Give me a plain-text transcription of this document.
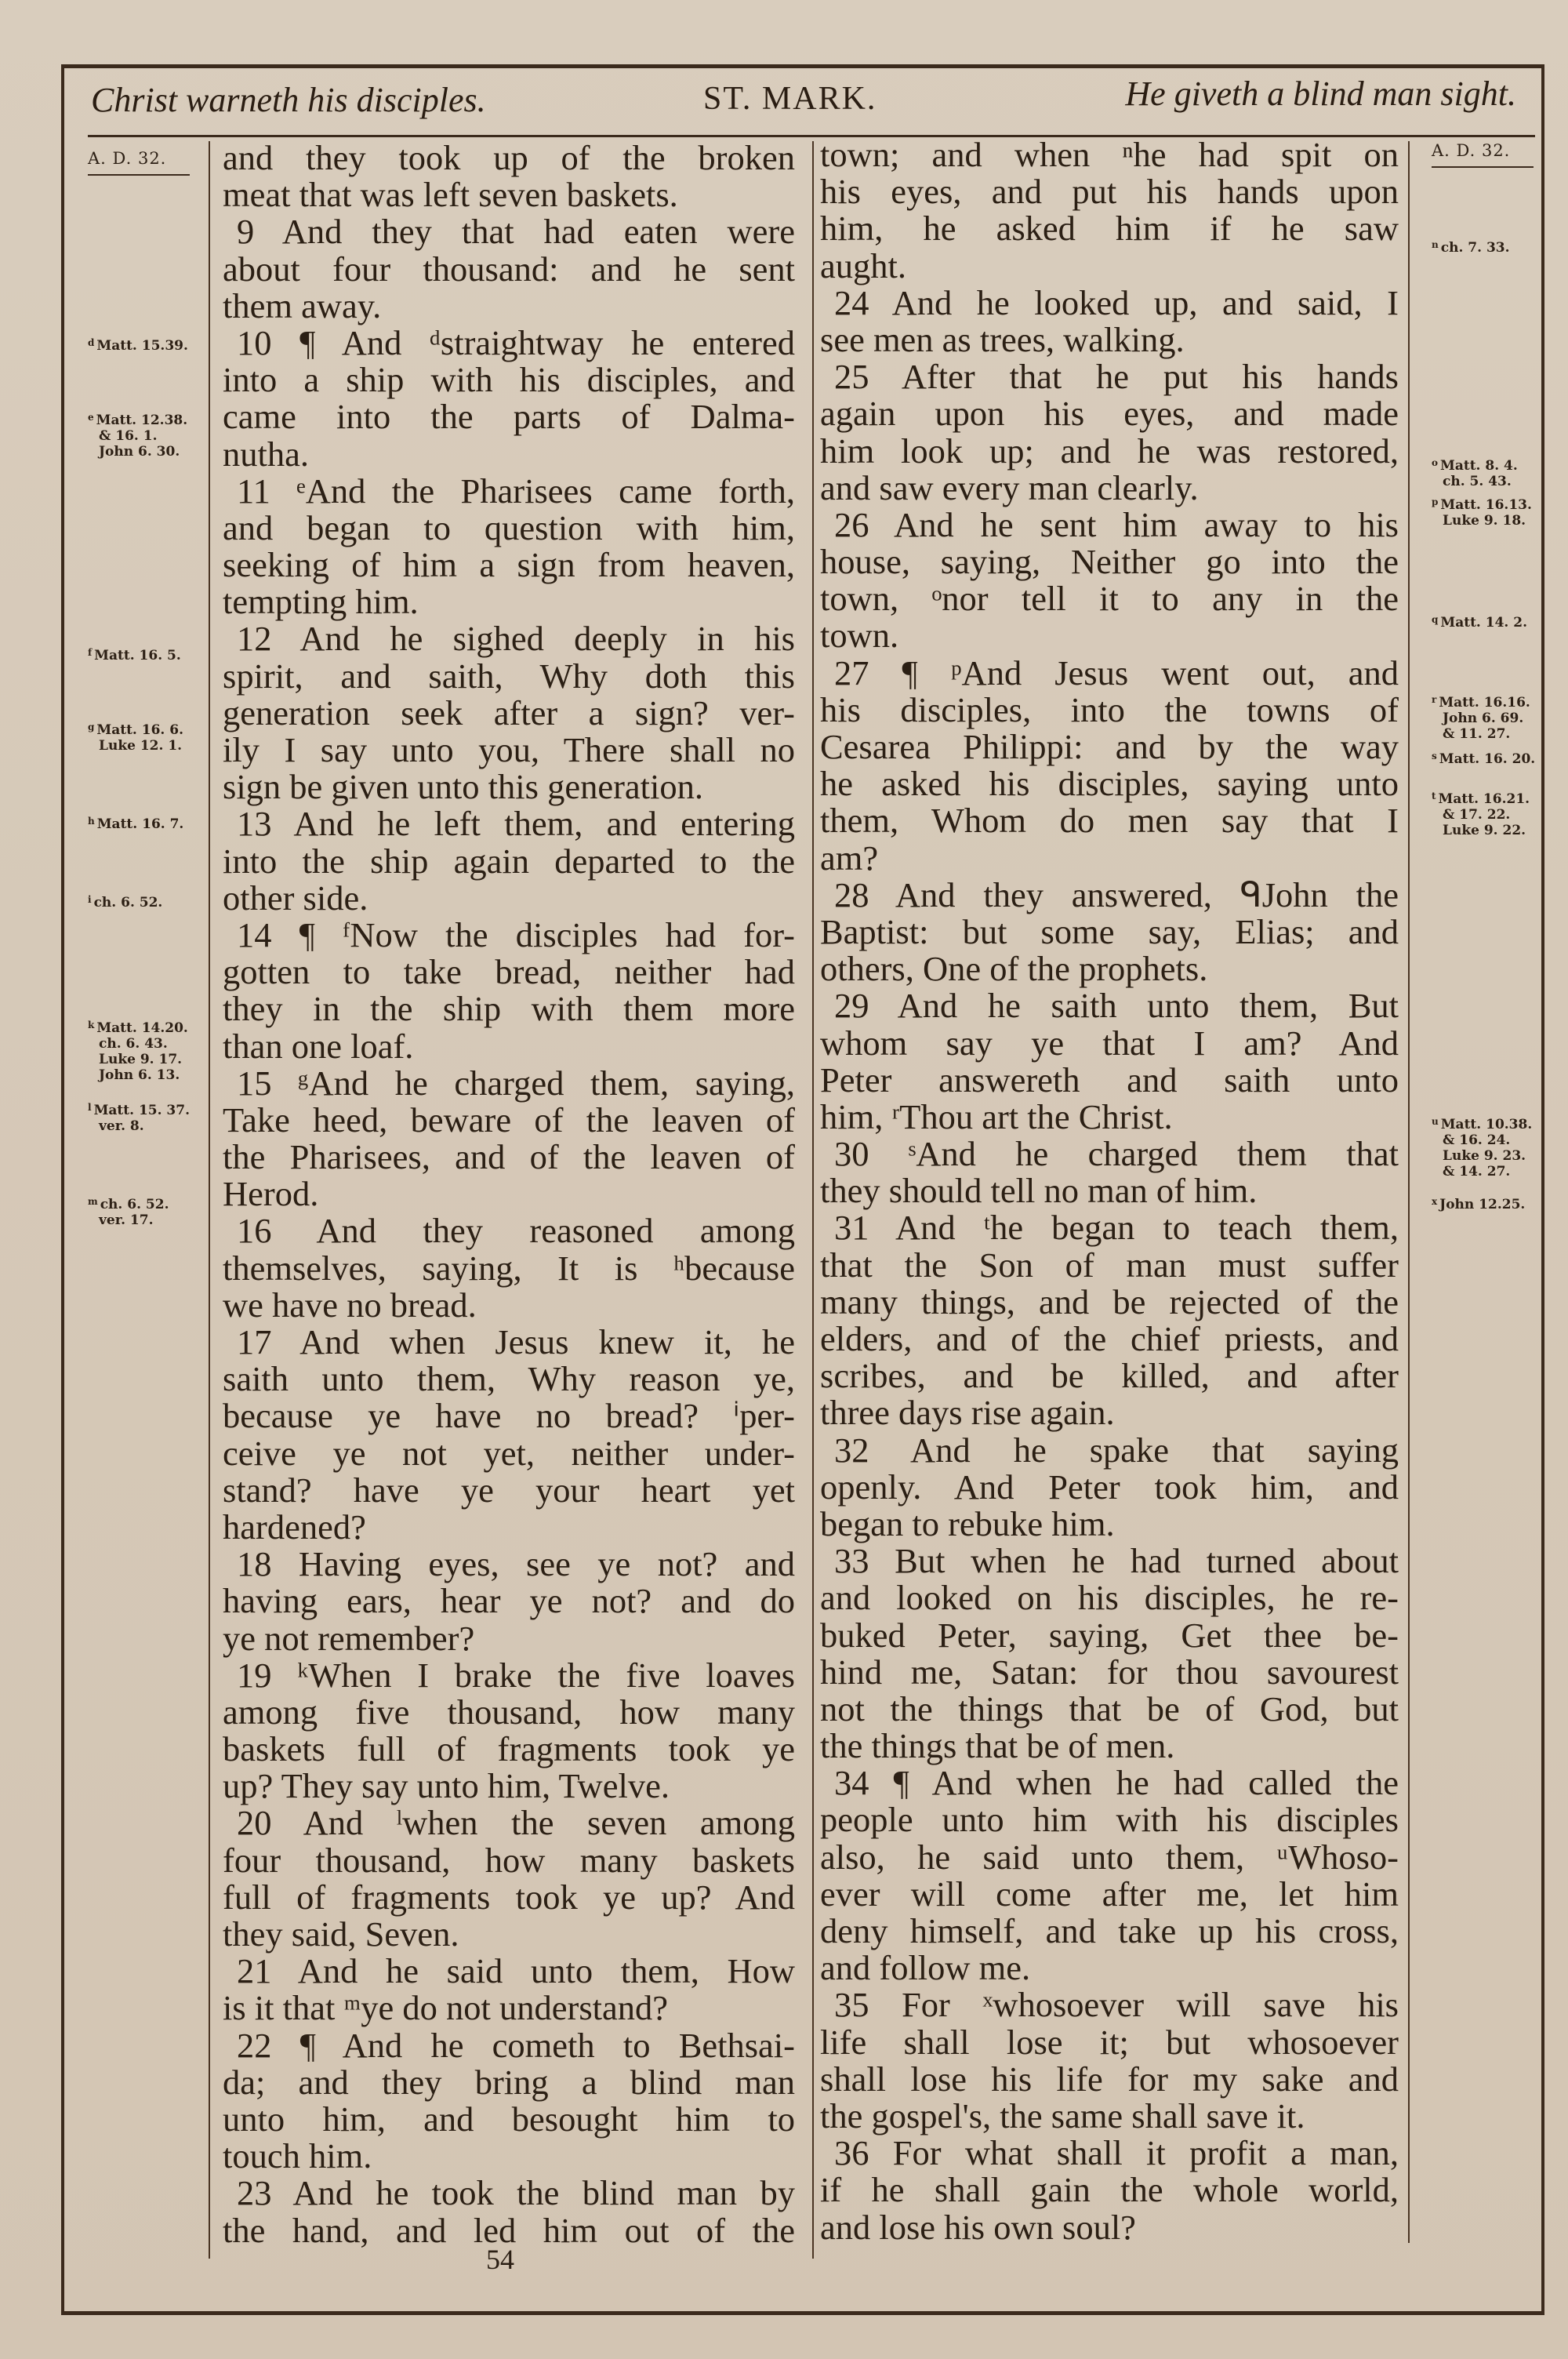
Christ warneth his disciples.	ST. MARK.	He giveth a blind man sight.
A. D. 32.
$^d$ Matt. 15.39.
$^e$ Matt. 12.38.
& 16. 1.
John 6. 30.
$^f$ Matt. 16. 5.
$^g$ Matt. 16. 6.
Luke 12. 1.
$^h$ Matt. 16. 7.
$^i$ ch. 6. 52.
$^k$ Matt. 14.20.
ch. 6. 43.
Luke 9. 17.
John 6. 13.
$^l$ Matt. 15. 37.
ver. 8.
$^m$ ch. 6. 52.
ver. 17.
A. D. 32.
$^n$ ch. 7. 33.
$^o$ Matt. 8. 4.
ch. 5. 43.
$^p$ Matt. 16.13.
Luke 9. 18.
$^q$ Matt. 14. 2.
$^r$ Matt. 16.16.
John 6. 69.
& 11. 27.
$^s$ Matt. 16. 20.
$^t$ Matt. 16.21.
& 17. 22.
Luke 9. 22.
$^u$ Matt. 10.38.
& 16. 24.
Luke 9. 23.
& 14. 27.
$^x$ John 12.25.
and they took up of the broken
meat that was left seven baskets.
9 And they that had eaten were
about four thousand: and he sent
them away.
10 ¶ And ᵈstraightway he entered
into a ship with his disciples, and
came into the parts of Dalma-
nutha.
11 ᵉAnd the Pharisees came forth,
and began to question with him,
seeking of him a sign from heaven,
tempting him.
12 And he sighed deeply in his
spirit, and saith, Why doth this
generation seek after a sign? ver-
ily I say unto you, There shall no
sign be given unto this generation.
13 And he left them, and entering
into the ship again departed to the
other side.
14 ¶ ᶠNow the disciples had for-
gotten to take bread, neither had
they in the ship with them more
than one loaf.
15 ᵍAnd he charged them, saying,
Take heed, beware of the leaven of
the Pharisees, and of the leaven of
Herod.
16 And they reasoned among
themselves, saying, It is ʰbecause
we have no bread.
17 And when Jesus knew it, he
saith unto them, Why reason ye,
because ye have no bread? ⁱper-
ceive ye not yet, neither under-
stand? have ye your heart yet
hardened?
18 Having eyes, see ye not? and
having ears, hear ye not? and do
ye not remember?
19 ᵏWhen I brake the five loaves
among five thousand, how many
baskets full of fragments took ye
up? They say unto him, Twelve.
20 And ˡwhen the seven among
four thousand, how many baskets
full of fragments took ye up? And
they said, Seven.
21 And he said unto them, How
is it that ᵐye do not understand?
22 ¶ And he cometh to Bethsai-
da; and they bring a blind man
unto him, and besought him to
touch him.
23 And he took the blind man by
the hand, and led him out of the
town; and when ⁿhe had spit on
his eyes, and put his hands upon
him, he asked him if he saw
aught.
24 And he looked up, and said, I
see men as trees, walking.
25 After that he put his hands
again upon his eyes, and made
him look up; and he was restored,
and saw every man clearly.
26 And he sent him away to his
house, saying, Neither go into the
town, ᵒnor tell it to any in the
town.
27 ¶ ᵖAnd Jesus went out, and
his disciples, into the towns of
Cesarea Philippi: and by the way
he asked his disciples, saying unto
them, Whom do men say that I
am?
28 And they answered, ᑫJohn the
Baptist: but some say, Elias; and
others, One of the prophets.
29 And he saith unto them, But
whom say ye that I am? And
Peter answereth and saith unto
him, ʳThou art the Christ.
30 ˢAnd he charged them that
they should tell no man of him.
31 And ᵗhe began to teach them,
that the Son of man must suffer
many things, and be rejected of the
elders, and of the chief priests, and
scribes, and be killed, and after
three days rise again.
32 And he spake that saying
openly. And Peter took him, and
began to rebuke him.
33 But when he had turned about
and looked on his disciples, he re-
buked Peter, saying, Get thee be-
hind me, Satan: for thou savourest
not the things that be of God, but
the things that be of men.
34 ¶ And when he had called the
people unto him with his disciples
also, he said unto them, ᵘWhoso-
ever will come after me, let him
deny himself, and take up his cross,
and follow me.
35 For ˣwhosoever will save his
life shall lose it; but whosoever
shall lose his life for my sake and
the gospel's, the same shall save it.
36 For what shall it profit a man,
if he shall gain the whole world,
and lose his own soul?
54
